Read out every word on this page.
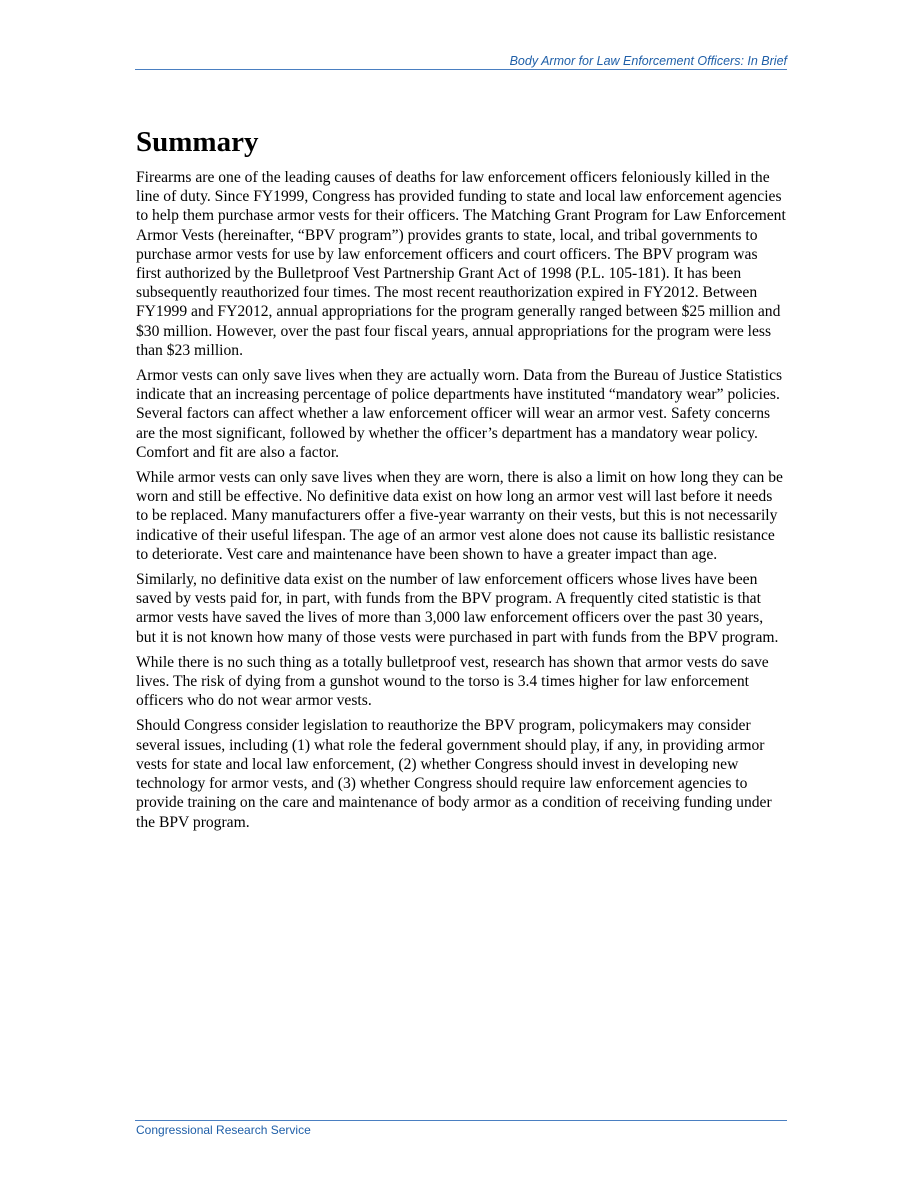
Body Armor for Law Enforcement Officers: In Brief
Summary

Firearms are one of the leading causes of deaths for law enforcement officers feloniously killed in the line of duty. Since FY1999, Congress has provided funding to state and local law enforcement agencies to help them purchase armor vests for their officers. The Matching Grant Program for Law Enforcement Armor Vests (hereinafter, “BPV program”) provides grants to state, local, and tribal governments to purchase armor vests for use by law enforcement officers and court officers. The BPV program was first authorized by the Bulletproof Vest Partnership Grant Act of 1998 (P.L. 105-181). It has been subsequently reauthorized four times. The most recent reauthorization expired in FY2012. Between FY1999 and FY2012, annual appropriations for the program generally ranged between $25 million and $30 million. However, over the past four fiscal years, annual appropriations for the program were less than $23 million.

Armor vests can only save lives when they are actually worn. Data from the Bureau of Justice Statistics indicate that an increasing percentage of police departments have instituted “mandatory wear” policies. Several factors can affect whether a law enforcement officer will wear an armor vest. Safety concerns are the most significant, followed by whether the officer’s department has a mandatory wear policy. Comfort and fit are also a factor.

While armor vests can only save lives when they are worn, there is also a limit on how long they can be worn and still be effective. No definitive data exist on how long an armor vest will last before it needs to be replaced. Many manufacturers offer a five-year warranty on their vests, but this is not necessarily indicative of their useful lifespan. The age of an armor vest alone does not cause its ballistic resistance to deteriorate. Vest care and maintenance have been shown to have a greater impact than age.

Similarly, no definitive data exist on the number of law enforcement officers whose lives have been saved by vests paid for, in part, with funds from the BPV program. A frequently cited statistic is that armor vests have saved the lives of more than 3,000 law enforcement officers over the past 30 years, but it is not known how many of those vests were purchased in part with funds from the BPV program.

While there is no such thing as a totally bulletproof vest, research has shown that armor vests do save lives. The risk of dying from a gunshot wound to the torso is 3.4 times higher for law enforcement officers who do not wear armor vests.

Should Congress consider legislation to reauthorize the BPV program, policymakers may consider several issues, including (1) what role the federal government should play, if any, in providing armor vests for state and local law enforcement, (2) whether Congress should invest in developing new technology for armor vests, and (3) whether Congress should require law enforcement agencies to provide training on the care and maintenance of body armor as a condition of receiving funding under the BPV program.

Congressional Research Service
